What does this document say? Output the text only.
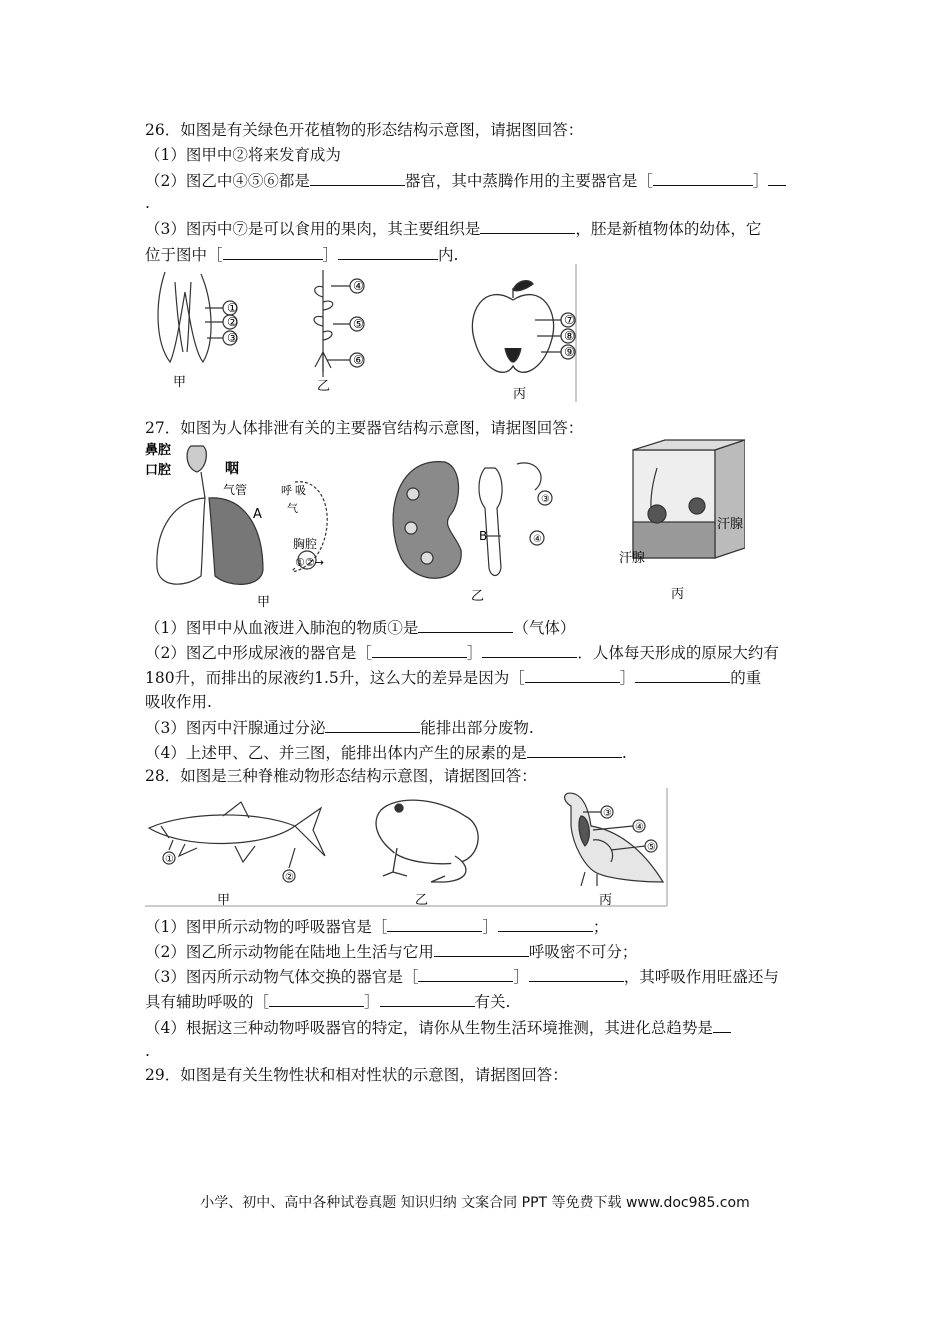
26．如图是有关绿色开花植物的形态结构示意图，请据图回答：
（1）图甲中②将来发育成为
（2）图乙中④⑤⑥都是	器官，其中蒸腾作用的主要器官是［	］
.
（3）图丙中⑦是可以食用的果肉，其主要组织是	，胚是新植物体的幼体，它
位于图中［	］	内.
①
②
③
甲
④
⑤
⑥
乙
⑦
⑧
⑨
丙
27．如图为人体排泄有关的主要器官结构示意图，请据图回答：
鼻腔
口腔	咽
气管
A
呼 吸
气
胸腔
①②→
甲
B
③
④
乙
汗腺
汗腺
丙
（1）图甲中从血液进入肺泡的物质①是	（气体）
（2）图乙中形成尿液的器官是［	］	．人体每天形成的原尿大约有
180升，而排出的尿液约1.5升，这么大的差异是因为［	］	的重
吸收作用.
（3）图丙中汗腺通过分泌	能排出部分废物.
（4）上述甲、乙、并三图，能排出体内产生的尿素的是	.
28．如图是三种脊椎动物形态结构示意图，请据图回答：
①
②
甲	乙
③
④
⑤
丙
（1）图甲所示动物的呼吸器官是［	］	；
（2）图乙所示动物能在陆地上生活与它用	呼吸密不可分；
（3）图丙所示动物气体交换的器官是［	］	，其呼吸作用旺盛还与
具有辅助呼吸的［	］	有关.
（4）根据这三种动物呼吸器官的特定，请你从生物生活环境推测，其进化总趋势是
.
29．如图是有关生物性状和相对性状的示意图，请据图回答：
小学、初中、高中各种试卷真题 知识归纳 文案合同 PPT 等免费下载 www.doc985.com
